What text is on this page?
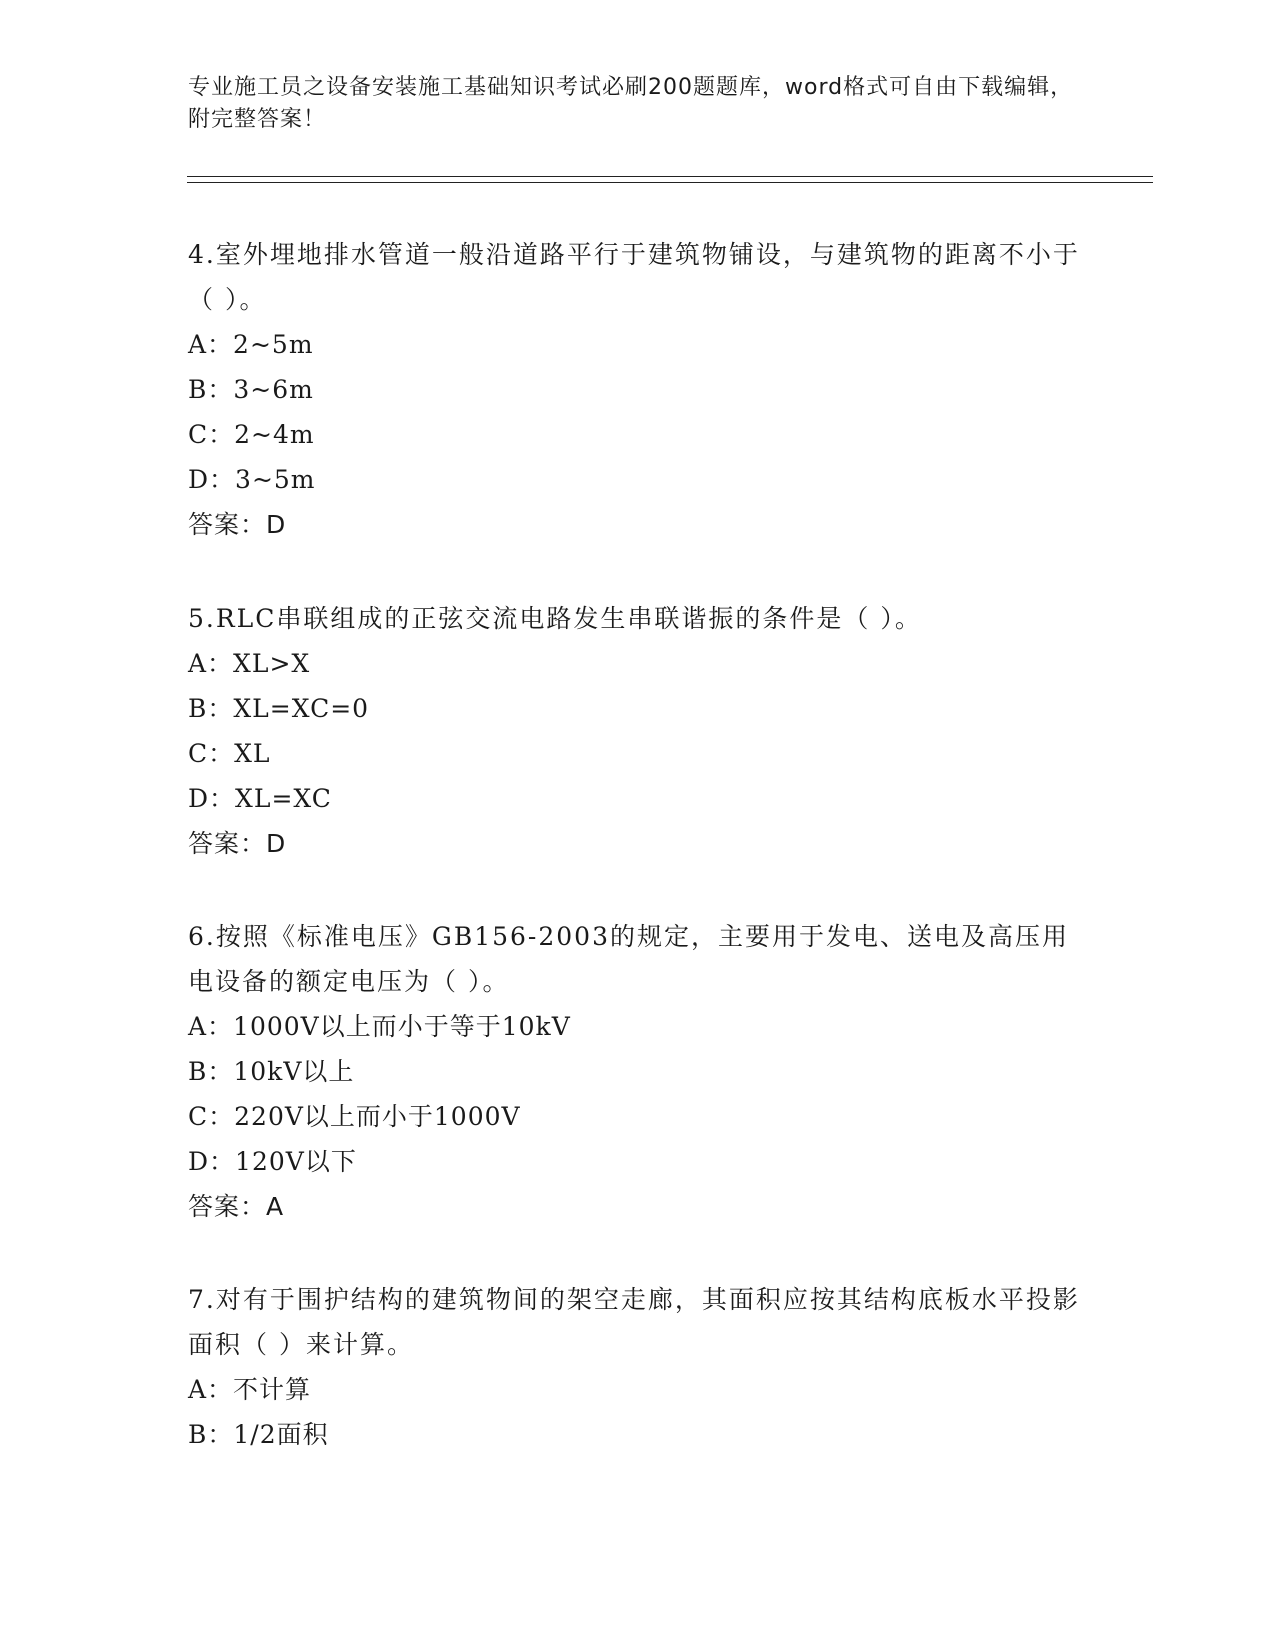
专业施工员之设备安装施工基础知识考试必刷200题题库，word格式可自由下载编辑，附完整答案！

4.室外埋地排水管道一般沿道路平行于建筑物铺设，与建筑物的距离不小于（ ）。

A：2~5m

B：3~6m

C：2~4m

D：3~5m

答案：D

5.RLC串联组成的正弦交流电路发生串联谐振的条件是（ ）。

A：XL>X

B：XL=XC=0

C：XL

D：XL=XC

答案：D

6.按照《标准电压》GB156-2003的规定，主要用于发电、送电及高压用电设备的额定电压为（ ）。

A：1000V以上而小于等于10kV

B：10kV以上

C：220V以上而小于1000V

D：120V以下

答案：A

7.对有于围护结构的建筑物间的架空走廊，其面积应按其结构底板水平投影面积（ ）来计算。

A：不计算

B：1/2面积
